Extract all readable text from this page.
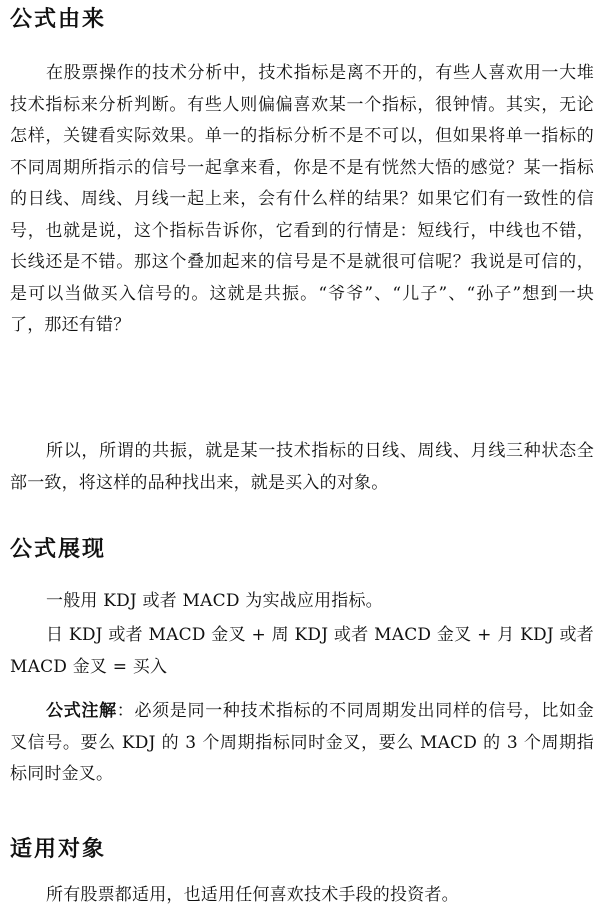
公式由来

在股票操作的技术分析中，技术指标是离不开的，有些人喜欢用一大堆技术指标来分析判断。有些人则偏偏喜欢某一个指标，很钟情。其实，无论怎样，关键看实际效果。单一的指标分析不是不可以，但如果将单一指标的不同周期所指示的信号一起拿来看，你是不是有恍然大悟的感觉？某一指标的日线、周线、月线一起上来，会有什么样的结果？如果它们有一致性的信号，也就是说，这个指标告诉你，它看到的行情是：短线行，中线也不错，长线还是不错。那这个叠加起来的信号是不是就很可信呢？我说是可信的，是可以当做买入信号的。这就是共振。“爷爷”、“儿子”、“孙子”想到一块了，那还有错？

所以，所谓的共振，就是某一技术指标的日线、周线、月线三种状态全部一致，将这样的品种找出来，就是买入的对象。

公式展现

一般用 KDJ 或者 MACD 为实战应用指标。

日 KDJ 或者 MACD 金叉 + 周 KDJ 或者 MACD 金叉 + 月 KDJ 或者 MACD 金叉 = 买入

公式注解：必须是同一种技术指标的不同周期发出同样的信号，比如金叉信号。要么 KDJ 的 3 个周期指标同时金叉，要么 MACD 的 3 个周期指标同时金叉。

适用对象

所有股票都适用，也适用任何喜欢技术手段的投资者。
